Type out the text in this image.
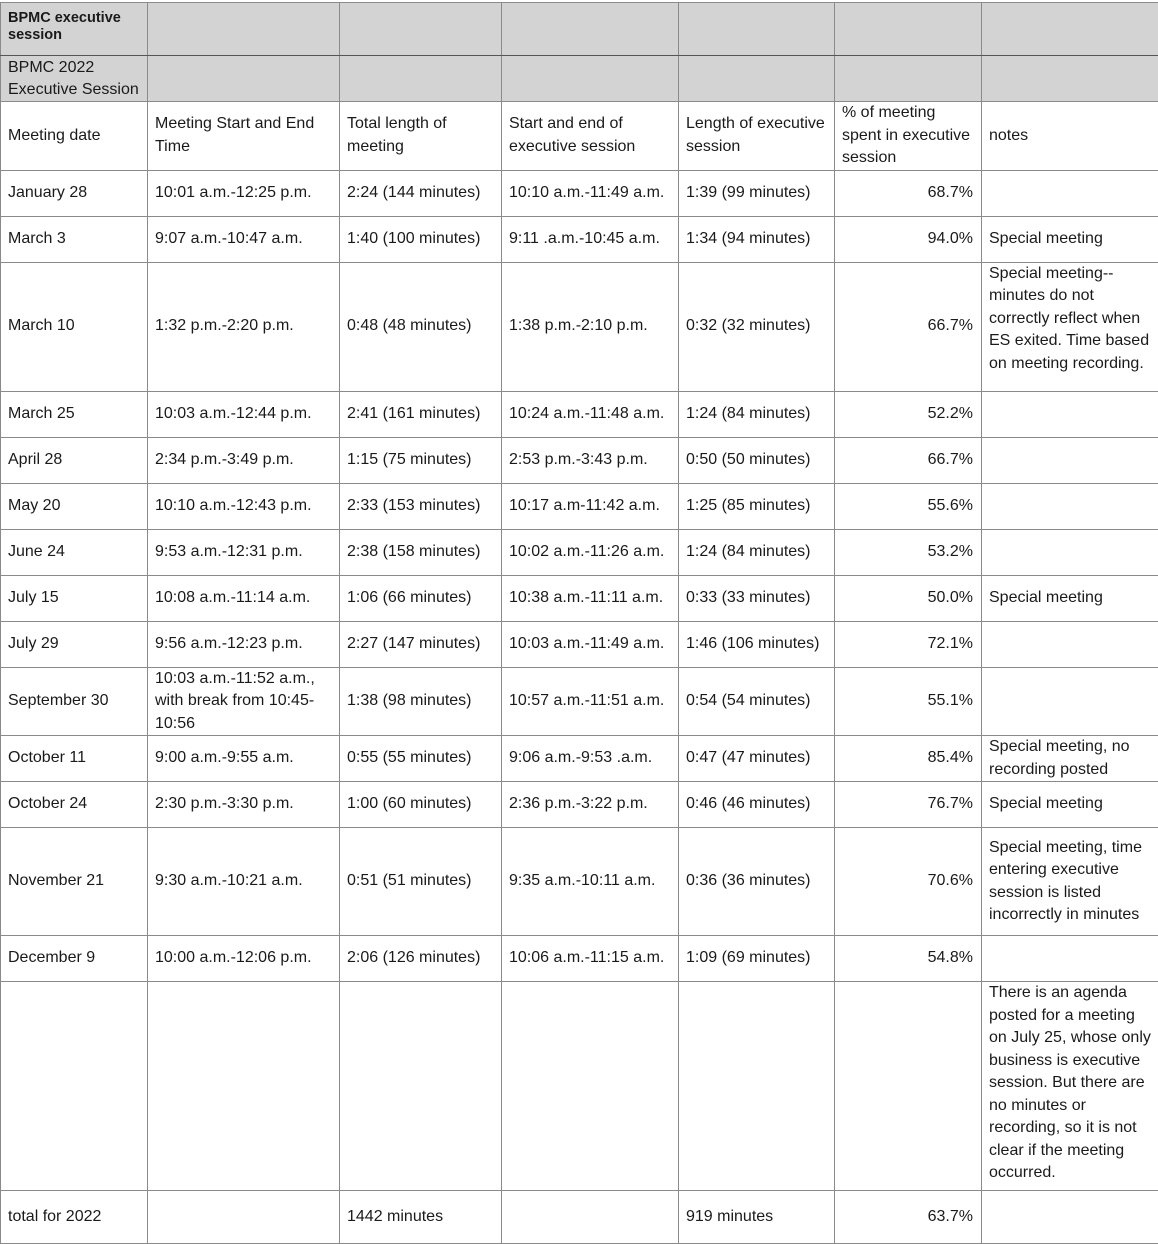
BPMC executive session						
BPMC 2022 Executive Session						
Meeting date	Meeting Start and End Time	Total length of meeting	Start and end of executive session	Length of executive session	% of meeting spent in executive session	notes
January 28	10:01 a.m.-12:25 p.m.	2:24 (144 minutes)	10:10 a.m.-11:49 a.m.	1:39 (99 minutes)	68.7%	
March 3	9:07 a.m.-10:47 a.m.	1:40 (100 minutes)	9:11 .a.m.-10:45 a.m.	1:34 (94 minutes)	94.0%	Special meeting
March 10	1:32 p.m.-2:20 p.m.	0:48 (48 minutes)	1:38 p.m.-2:10 p.m.	0:32 (32 minutes)	66.7%	Special meeting--minutes do not correctly reflect when ES exited. Time based on meeting recording.
March 25	10:03 a.m.-12:44 p.m.	2:41 (161 minutes)	10:24 a.m.-11:48 a.m.	1:24 (84 minutes)	52.2%	
April 28	2:34 p.m.-3:49 p.m.	1:15 (75 minutes)	2:53 p.m.-3:43 p.m.	0:50 (50 minutes)	66.7%	
May 20	10:10 a.m.-12:43 p.m.	2:33 (153 minutes)	10:17 a.m-11:42 a.m.	1:25 (85 minutes)	55.6%	
June 24	9:53 a.m.-12:31 p.m.	2:38 (158 minutes)	10:02 a.m.-11:26 a.m.	1:24 (84 minutes)	53.2%	
July 15	10:08 a.m.-11:14 a.m.	1:06 (66 minutes)	10:38 a.m.-11:11 a.m.	0:33 (33 minutes)	50.0%	Special meeting
July 29	9:56 a.m.-12:23 p.m.	2:27 (147 minutes)	10:03 a.m.-11:49 a.m.	1:46 (106 minutes)	72.1%	
September 30	10:03 a.m.-11:52 a.m., with break from 10:45-10:56	1:38 (98 minutes)	10:57 a.m.-11:51 a.m.	0:54 (54 minutes)	55.1%	
October 11	9:00 a.m.-9:55 a.m.	0:55 (55 minutes)	9:06 a.m.-9:53 .a.m.	0:47 (47 minutes)	85.4%	Special meeting, no recording posted
October 24	2:30 p.m.-3:30 p.m.	1:00 (60 minutes)	2:36 p.m.-3:22 p.m.	0:46 (46 minutes)	76.7%	Special meeting
November 21	9:30 a.m.-10:21 a.m.	0:51 (51 minutes)	9:35 a.m.-10:11 a.m.	0:36 (36 minutes)	70.6%	Special meeting, time entering executive session is listed incorrectly in minutes
December 9	10:00 a.m.-12:06 p.m.	2:06 (126 minutes)	10:06 a.m.-11:15 a.m.	1:09 (69 minutes)	54.8%	
						There is an agenda posted for a meeting on July 25, whose only business is executive session. But there are no minutes or recording, so it is not clear if the meeting occurred.
total for 2022		1442 minutes		919 minutes	63.7%	
